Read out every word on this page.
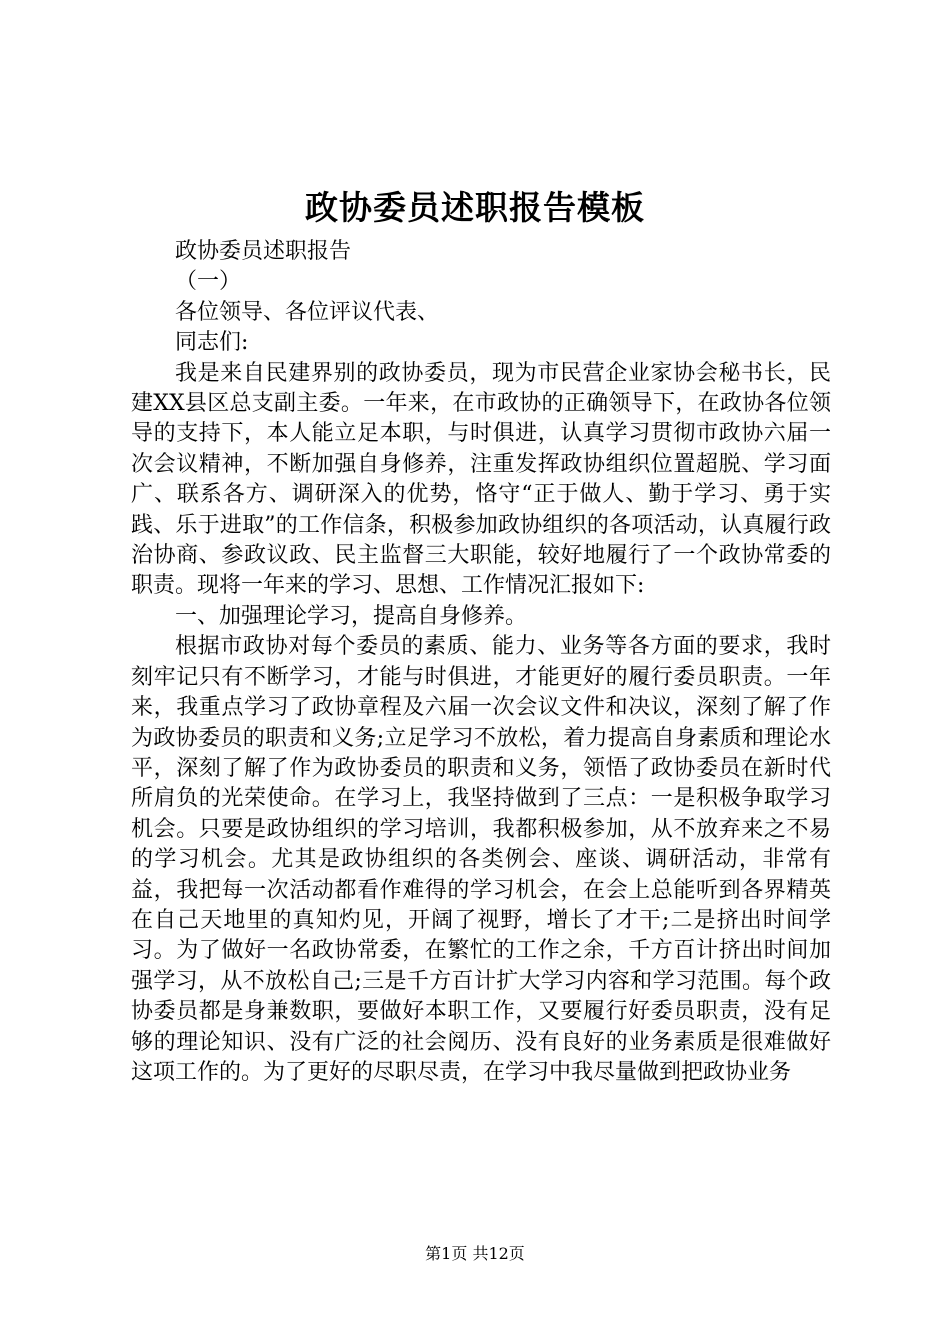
政协委员述职报告模板

政协委员述职报告

（一）

各位领导、各位评议代表、

同志们:

我是来自民建界别的政协委员，现为市民营企业家协会秘书长，民建XX县区总支副主委。一年来，在市政协的正确领导下，在政协各位领导的支持下，本人能立足本职，与时俱进，认真学习贯彻市政协六届一次会议精神，不断加强自身修养，注重发挥政协组织位置超脱、学习面广、联系各方、调研深入的优势，恪守“正于做人、勤于学习、勇于实践、乐于进取”的工作信条，积极参加政协组织的各项活动，认真履行政治协商、参政议政、民主监督三大职能，较好地履行了一个政协常委的职责。现将一年来的学习、思想、工作情况汇报如下:

一、加强理论学习，提高自身修养。

根据市政协对每个委员的素质、能力、业务等各方面的要求，我时刻牢记只有不断学习，才能与时俱进，才能更好的履行委员职责。一年来，我重点学习了政协章程及六届一次会议文件和决议，深刻了解了作为政协委员的职责和义务;立足学习不放松，着力提高自身素质和理论水平，深刻了解了作为政协委员的职责和义务，领悟了政协委员在新时代所肩负的光荣使命。在学习上，我坚持做到了三点：一是积极争取学习机会。只要是政协组织的学习培训，我都积极参加，从不放弃来之不易的学习机会。尤其是政协组织的各类例会、座谈、调研活动，非常有益，我把每一次活动都看作难得的学习机会，在会上总能听到各界精英在自己天地里的真知灼见，开阔了视野，增长了才干;二是挤出时间学习。为了做好一名政协常委，在繁忙的工作之余，千方百计挤出时间加强学习，从不放松自己;三是千方百计扩大学习内容和学习范围。每个政协委员都是身兼数职，要做好本职工作，又要履行好委员职责，没有足够的理论知识、没有广泛的社会阅历、没有良好的业务素质是很难做好这项工作的。为了更好的尽职尽责，在学习中我尽量做到把政协业务

第1页 共12页
